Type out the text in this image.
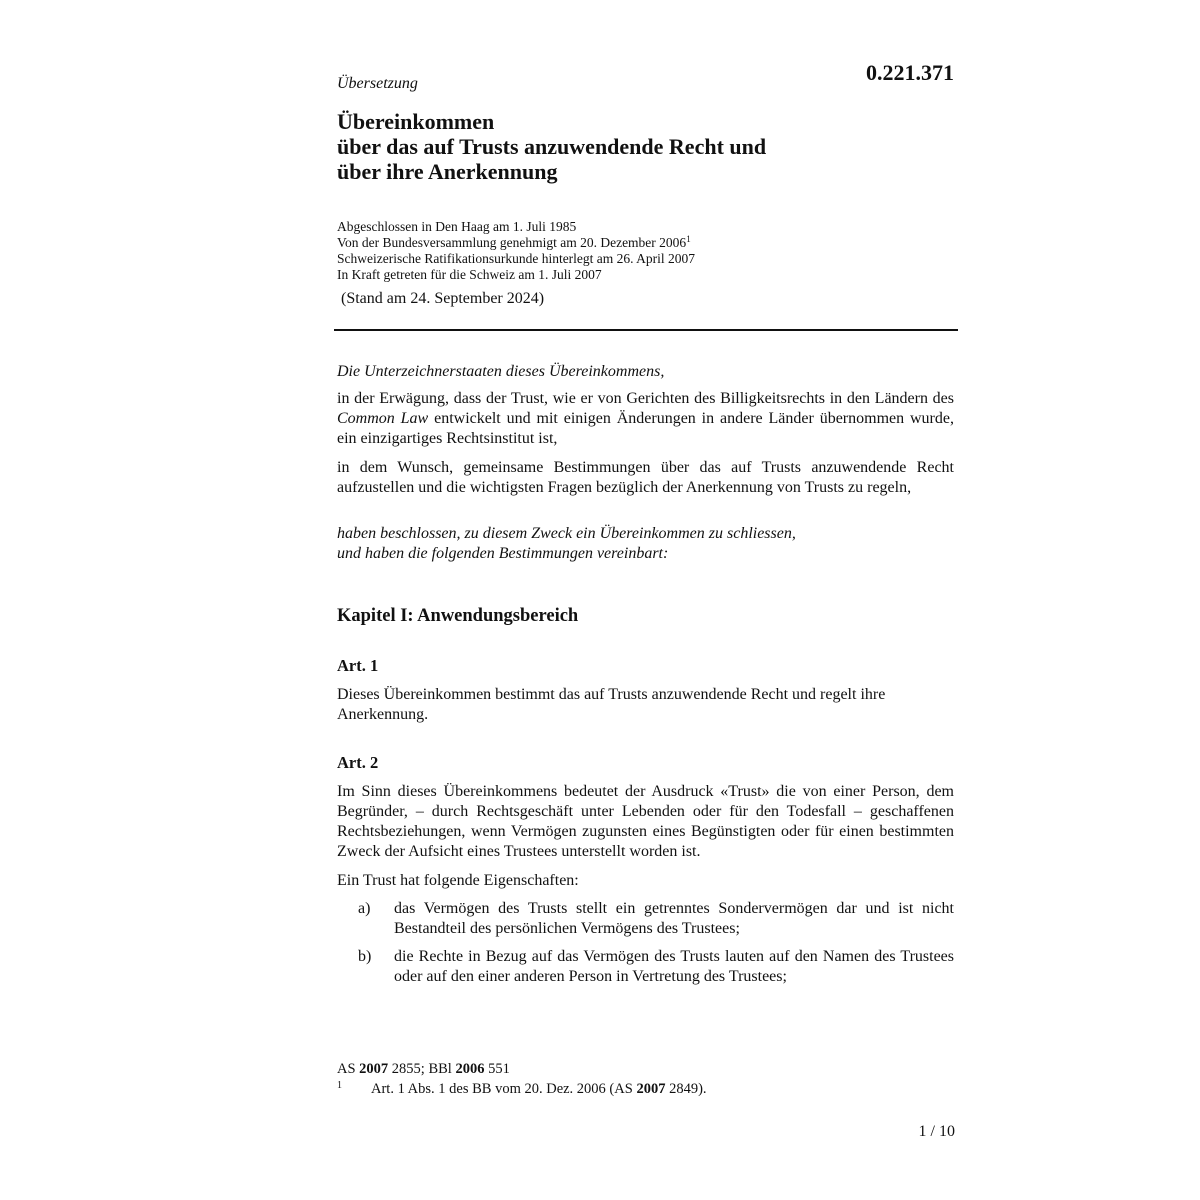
0.221.371
Übersetzung
Übereinkommen
über das auf Trusts anzuwendende Recht und
über ihre Anerkennung
Abgeschlossen in Den Haag am 1. Juli 1985
Von der Bundesversammlung genehmigt am 20. Dezember 2006$^1$
Schweizerische Ratifikationsurkunde hinterlegt am 26. April 2007
In Kraft getreten für die Schweiz am 1. Juli 2007
(Stand am 24. September 2024)
Die Unterzeichnerstaaten dieses Übereinkommens,
in der Erwägung, dass der Trust, wie er von Gerichten des Billigkeitsrechts in den Ländern des Common Law entwickelt und mit einigen Änderungen in andere Länder übernommen wurde, ein einzigartiges Rechtsinstitut ist,
in dem Wunsch, gemeinsame Bestimmungen über das auf Trusts anzuwendende Recht aufzustellen und die wichtigsten Fragen bezüglich der Anerkennung von Trusts zu regeln,
haben beschlossen, zu diesem Zweck ein Übereinkommen zu schliessen,
und haben die folgenden Bestimmungen vereinbart:
Kapitel I: Anwendungsbereich
Art. 1
Dieses Übereinkommen bestimmt das auf Trusts anzuwendende Recht und regelt ihre Anerkennung.
Art. 2
Im Sinn dieses Übereinkommens bedeutet der Ausdruck «Trust» die von einer Person, dem Begründer, – durch Rechtsgeschäft unter Lebenden oder für den Todesfall – geschaffenen Rechtsbeziehungen, wenn Vermögen zugunsten eines Begünstigten oder für einen bestimmten Zweck der Aufsicht eines Trustees unterstellt worden ist.
Ein Trust hat folgende Eigenschaften:
a) das Vermögen des Trusts stellt ein getrenntes Sondervermögen dar und ist nicht Bestandteil des persönlichen Vermögens des Trustees;
b) die Rechte in Bezug auf das Vermögen des Trusts lauten auf den Namen des Trustees oder auf den einer anderen Person in Vertretung des Trustees;
AS 2007 2855; BBl 2006 551
1 Art. 1 Abs. 1 des BB vom 20. Dez. 2006 (AS 2007 2849).
1 / 10
